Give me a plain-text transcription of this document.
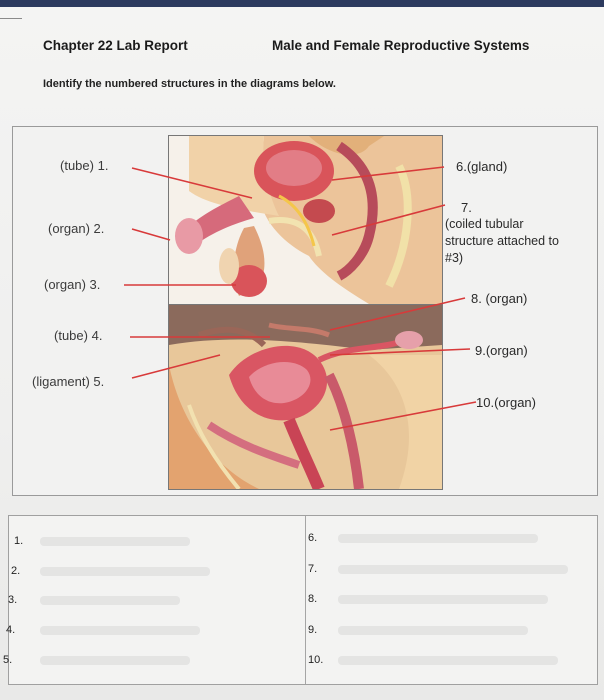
Chapter 22 Lab Report	Male and Female Reproductive Systems
Identify the numbered structures in the diagrams below.
(tube) 1.
(organ) 2.
(organ) 3.
(tube) 4.
(ligament) 5.
6.(gland)
7.
(coiled tubular structure attached to #3)
8. (organ)
9.(organ)
10.(organ)
1.
2.
3.
4.
5.
6.
7.
8.
9.
10.
